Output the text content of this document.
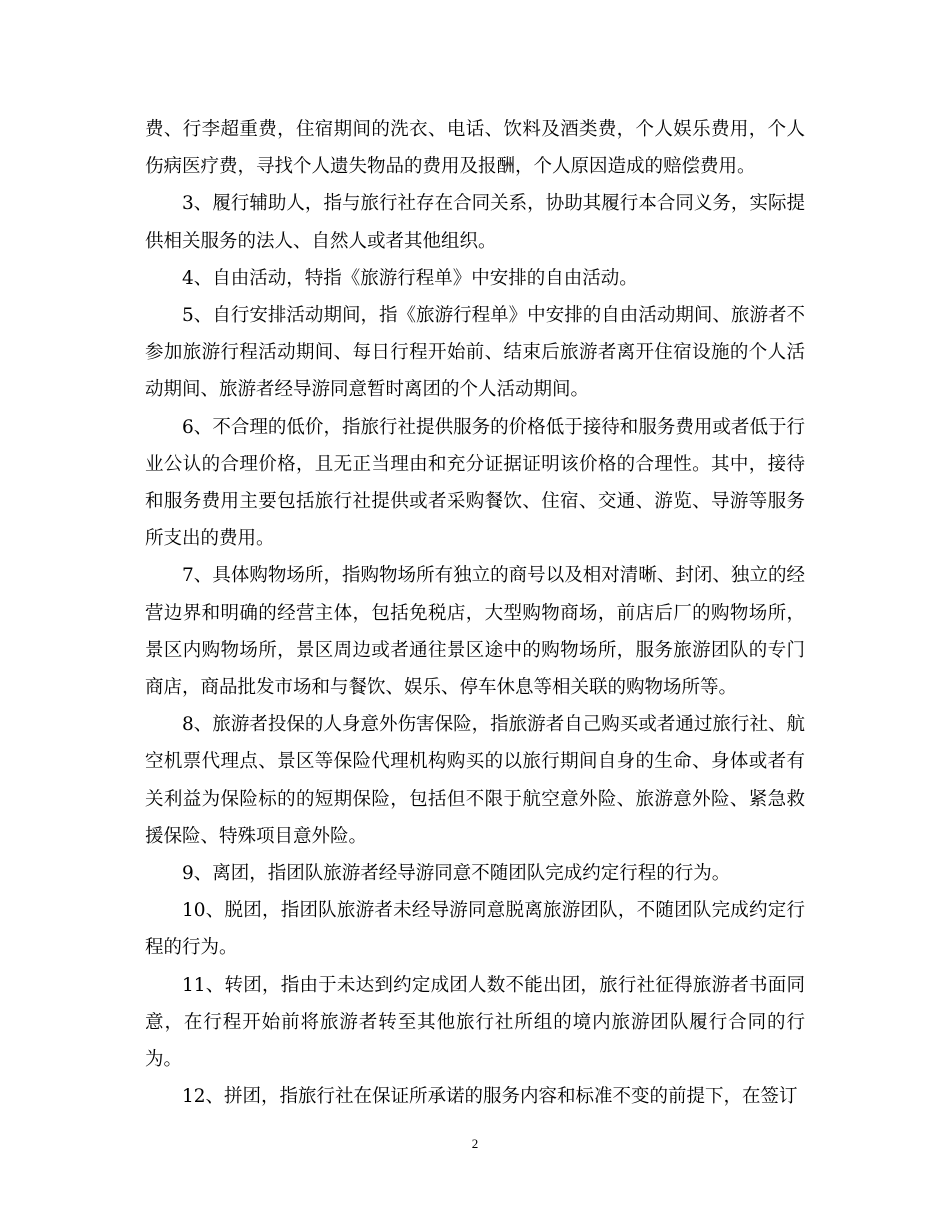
费、行李超重费，住宿期间的洗衣、电话、饮料及酒类费，个人娱乐费用，个人伤病医疗费，寻找个人遗失物品的费用及报酬，个人原因造成的赔偿费用。

3、履行辅助人，指与旅行社存在合同关系，协助其履行本合同义务，实际提供相关服务的法人、自然人或者其他组织。

4、自由活动，特指《旅游行程单》中安排的自由活动。

5、自行安排活动期间，指《旅游行程单》中安排的自由活动期间、旅游者不参加旅游行程活动期间、每日行程开始前、结束后旅游者离开住宿设施的个人活动期间、旅游者经导游同意暂时离团的个人活动期间。

6、不合理的低价，指旅行社提供服务的价格低于接待和服务费用或者低于行业公认的合理价格，且无正当理由和充分证据证明该价格的合理性。其中，接待和服务费用主要包括旅行社提供或者采购餐饮、住宿、交通、游览、导游等服务所支出的费用。

7、具体购物场所，指购物场所有独立的商号以及相对清晰、封闭、独立的经营边界和明确的经营主体，包括免税店，大型购物商场，前店后厂的购物场所，景区内购物场所，景区周边或者通往景区途中的购物场所，服务旅游团队的专门商店，商品批发市场和与餐饮、娱乐、停车休息等相关联的购物场所等。

8、旅游者投保的人身意外伤害保险，指旅游者自己购买或者通过旅行社、航空机票代理点、景区等保险代理机构购买的以旅行期间自身的生命、身体或者有关利益为保险标的的短期保险，包括但不限于航空意外险、旅游意外险、紧急救援保险、特殊项目意外险。

9、离团，指团队旅游者经导游同意不随团队完成约定行程的行为。

10、脱团，指团队旅游者未经导游同意脱离旅游团队，不随团队完成约定行程的行为。

11、转团，指由于未达到约定成团人数不能出团，旅行社征得旅游者书面同意，在行程开始前将旅游者转至其他旅行社所组的境内旅游团队履行合同的行为。

12、拼团，指旅行社在保证所承诺的服务内容和标准不变的前提下，在签订

2
